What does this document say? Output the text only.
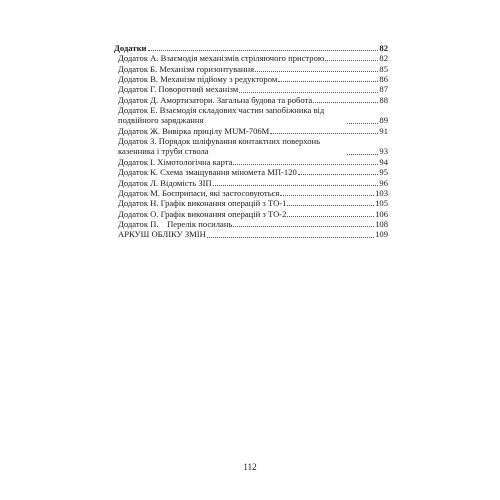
Додатки	82
Додаток А. Взаємодія механізмів стріляючого пристрою	82
Додаток Б. Механізм горизонтування	85
Додаток В. Механізм підйому з редуктором	86
Додаток Г. Поворотний механізм	87
Додаток Д. Амортизатори. Загальна будова та робота	88
Додаток Е. Взаємодія складових частин запобіжника від подвійного заряджання	89
Додаток Ж. Вивірка прицілу MUM-706M	91
Додаток З. Порядок шліфування контактних поверхонь казенника і труби ствола	93
Додаток І. Хімотологічна карта	94
Додаток К. Схема змащування міномета МП-120	95
Додаток Л. Відомість ЗІП	96
Додаток М. Боєприпаси, які застосовуються	103
Додаток Н. Графік виконання операцій з ТО-1	105
Додаток О. Графік виконання операцій з ТО-2	106
Додаток П.    Перелік посилань	108
АРКУШ ОБЛІКУ ЗМІН	109
112
